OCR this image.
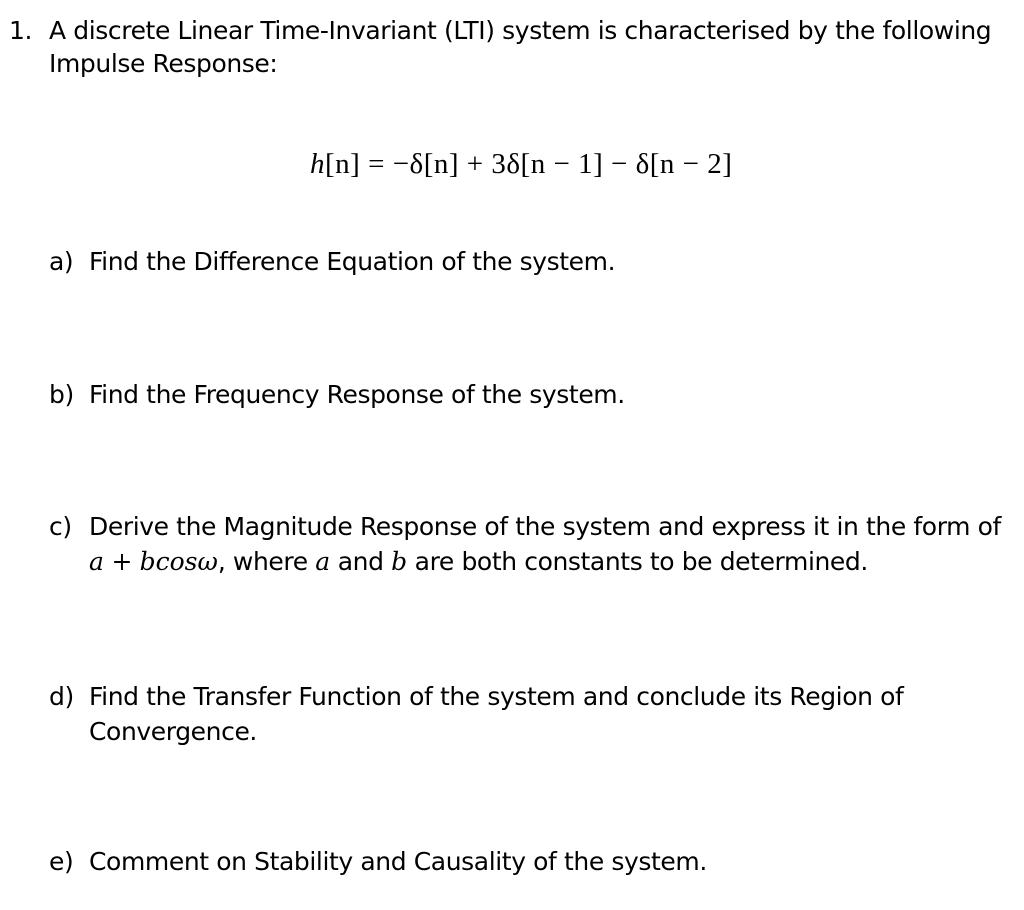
1. A discrete Linear Time-Invariant (LTI) system is characterised by the following Impulse Response:
h[n] = −δ[n] + 3δ[n − 1] − δ[n − 2]
a) Find the Difference Equation of the system.
b) Find the Frequency Response of the system.
c) Derive the Magnitude Response of the system and express it in the form of
a + bcosω, where a and b are both constants to be determined.
d) Find the Transfer Function of the system and conclude its Region of Convergence.
e) Comment on Stability and Causality of the system.
